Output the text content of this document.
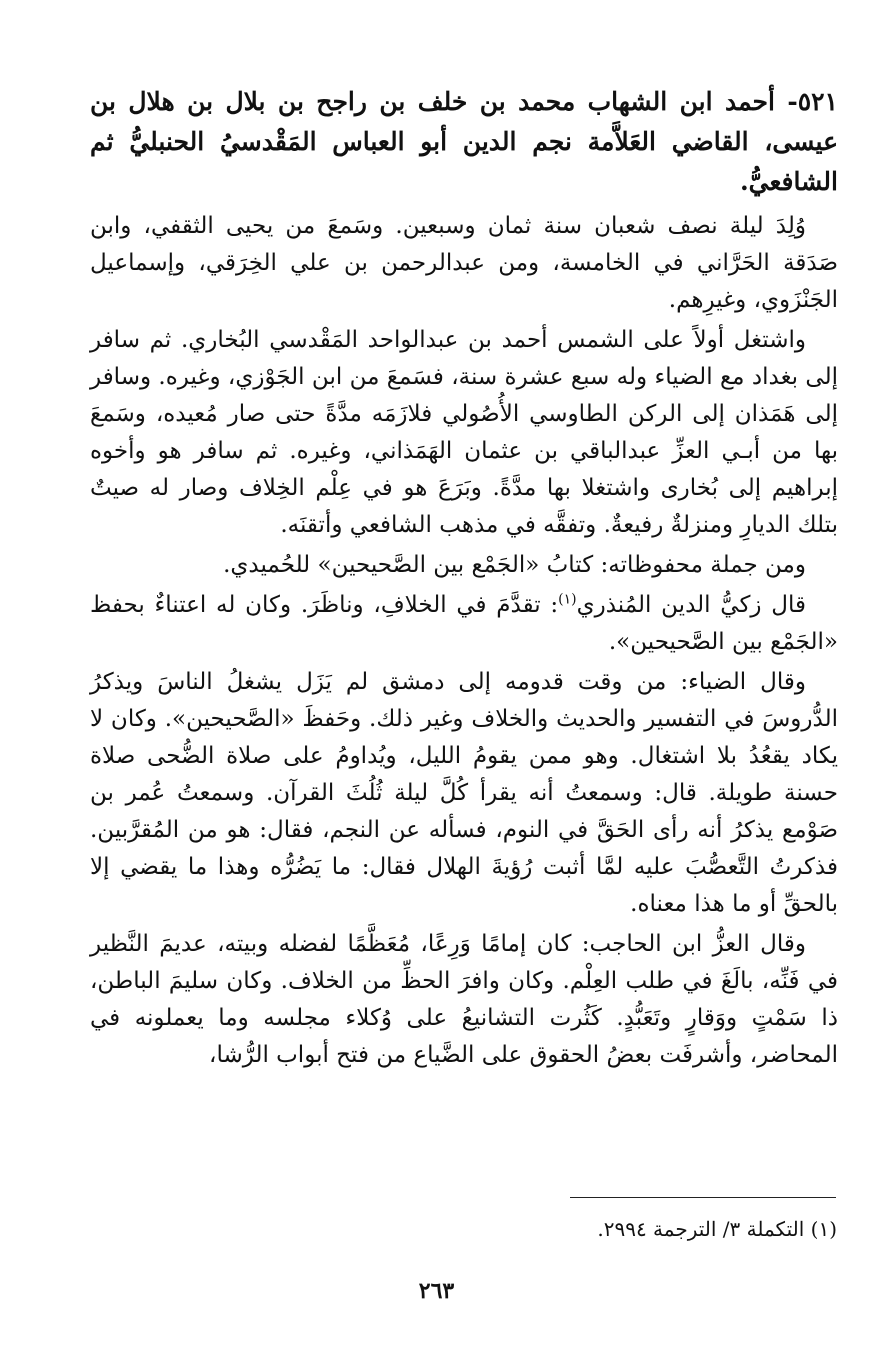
٥٢١- أحمد ابن الشهاب محمد بن خلف بن راجح بن بلال بن هلال بن عيسى، القاضي العَلاَّمة نجم الدين أبو العباس المَقْدسيُ الحنبليُّ ثم الشافعيُّ.

وُلِدَ ليلة نصف شعبان سنة ثمان وسبعين. وسَمعَ من يحيى الثقفي، وابن صَدَقة الحَرَّاني في الخامسة، ومن عبدالرحمن بن علي الخِرَقي، وإسماعيل الجَنْزَوي، وغيرِهم.

واشتغل أولاً على الشمس أحمد بن عبدالواحد المَقْدسي البُخاري. ثم سافر إلى بغداد مع الضياء وله سبع عشرة سنة، فسَمعَ من ابن الجَوْزي، وغيره. وسافر إلى هَمَذان إلى الركن الطاوسي الأُصُولي فلازَمَه مدَّةً حتى صار مُعيده، وسَمعَ بها من أبـي العزِّ عبدالباقي بن عثمان الهَمَذاني، وغيره. ثم سافر هو وأخوه إبراهيم إلى بُخارى واشتغلا بها مدَّةً. وبَرَعَ هو في عِلْم الخِلاف وصار له صيتٌ بتلك الديارِ ومنزلةٌ رفيعةٌ. وتفقَّه في مذهب الشافعي وأتقنَه.

ومن جملة محفوظاته: كتابُ «الجَمْع بين الصَّحيحين» للحُميدي.

قال زكيُّ الدين المُنذري$^{(١)}$: تقدَّمَ في الخلافِ، وناظَرَ. وكان له اعتناءٌ بحفظ «الجَمْع بين الصَّحيحين».

وقال الضياء: من وقت قدومه إلى دمشق لم يَزَل يشغلُ الناسَ ويذكرُ الدُّروسَ في التفسير والحديث والخلاف وغير ذلك. وحَفظَ «الصَّحيحين». وكان لا يكاد يقعُدُ بلا اشتغال. وهو ممن يقومُ الليل، ويُداومُ على صلاة الضُّحى صلاة حسنة طويلة. قال: وسمعتُ أنه يقرأ كُلَّ ليلة ثُلُثَ القرآن. وسمعتُ عُمر بن صَوْمع يذكرُ أنه رأى الحَقَّ في النوم، فسأله عن النجم، فقال: هو من المُقرَّبين. فذكرتُ التَّعصُّبَ عليه لمَّا أثبت رُؤيةَ الهلال فقال: ما يَضُرُّه وهذا ما يقضي إلا بالحقِّ أو ما هذا معناه.

وقال العزُّ ابن الحاجب: كان إمامًا وَرِعًا، مُعَظَّمًا لفضله وبيته، عديمَ النَّظير في فَنِّه، بالَغَ في طلب العِلْم. وكان وافرَ الحظِّ من الخلاف. وكان سليمَ الباطن، ذا سَمْتٍ ووَقارٍ وتَعَبُّدٍ. كَثُرت التشانيعُ على وُكلاء مجلسه وما يعملونه في المحاضر، وأشرفَت بعضُ الحقوق على الضَّياع من فتح أبواب الرُّشا،

(١) التكملة ٣/ الترجمة ٢٩٩٤.
٢٦٣
